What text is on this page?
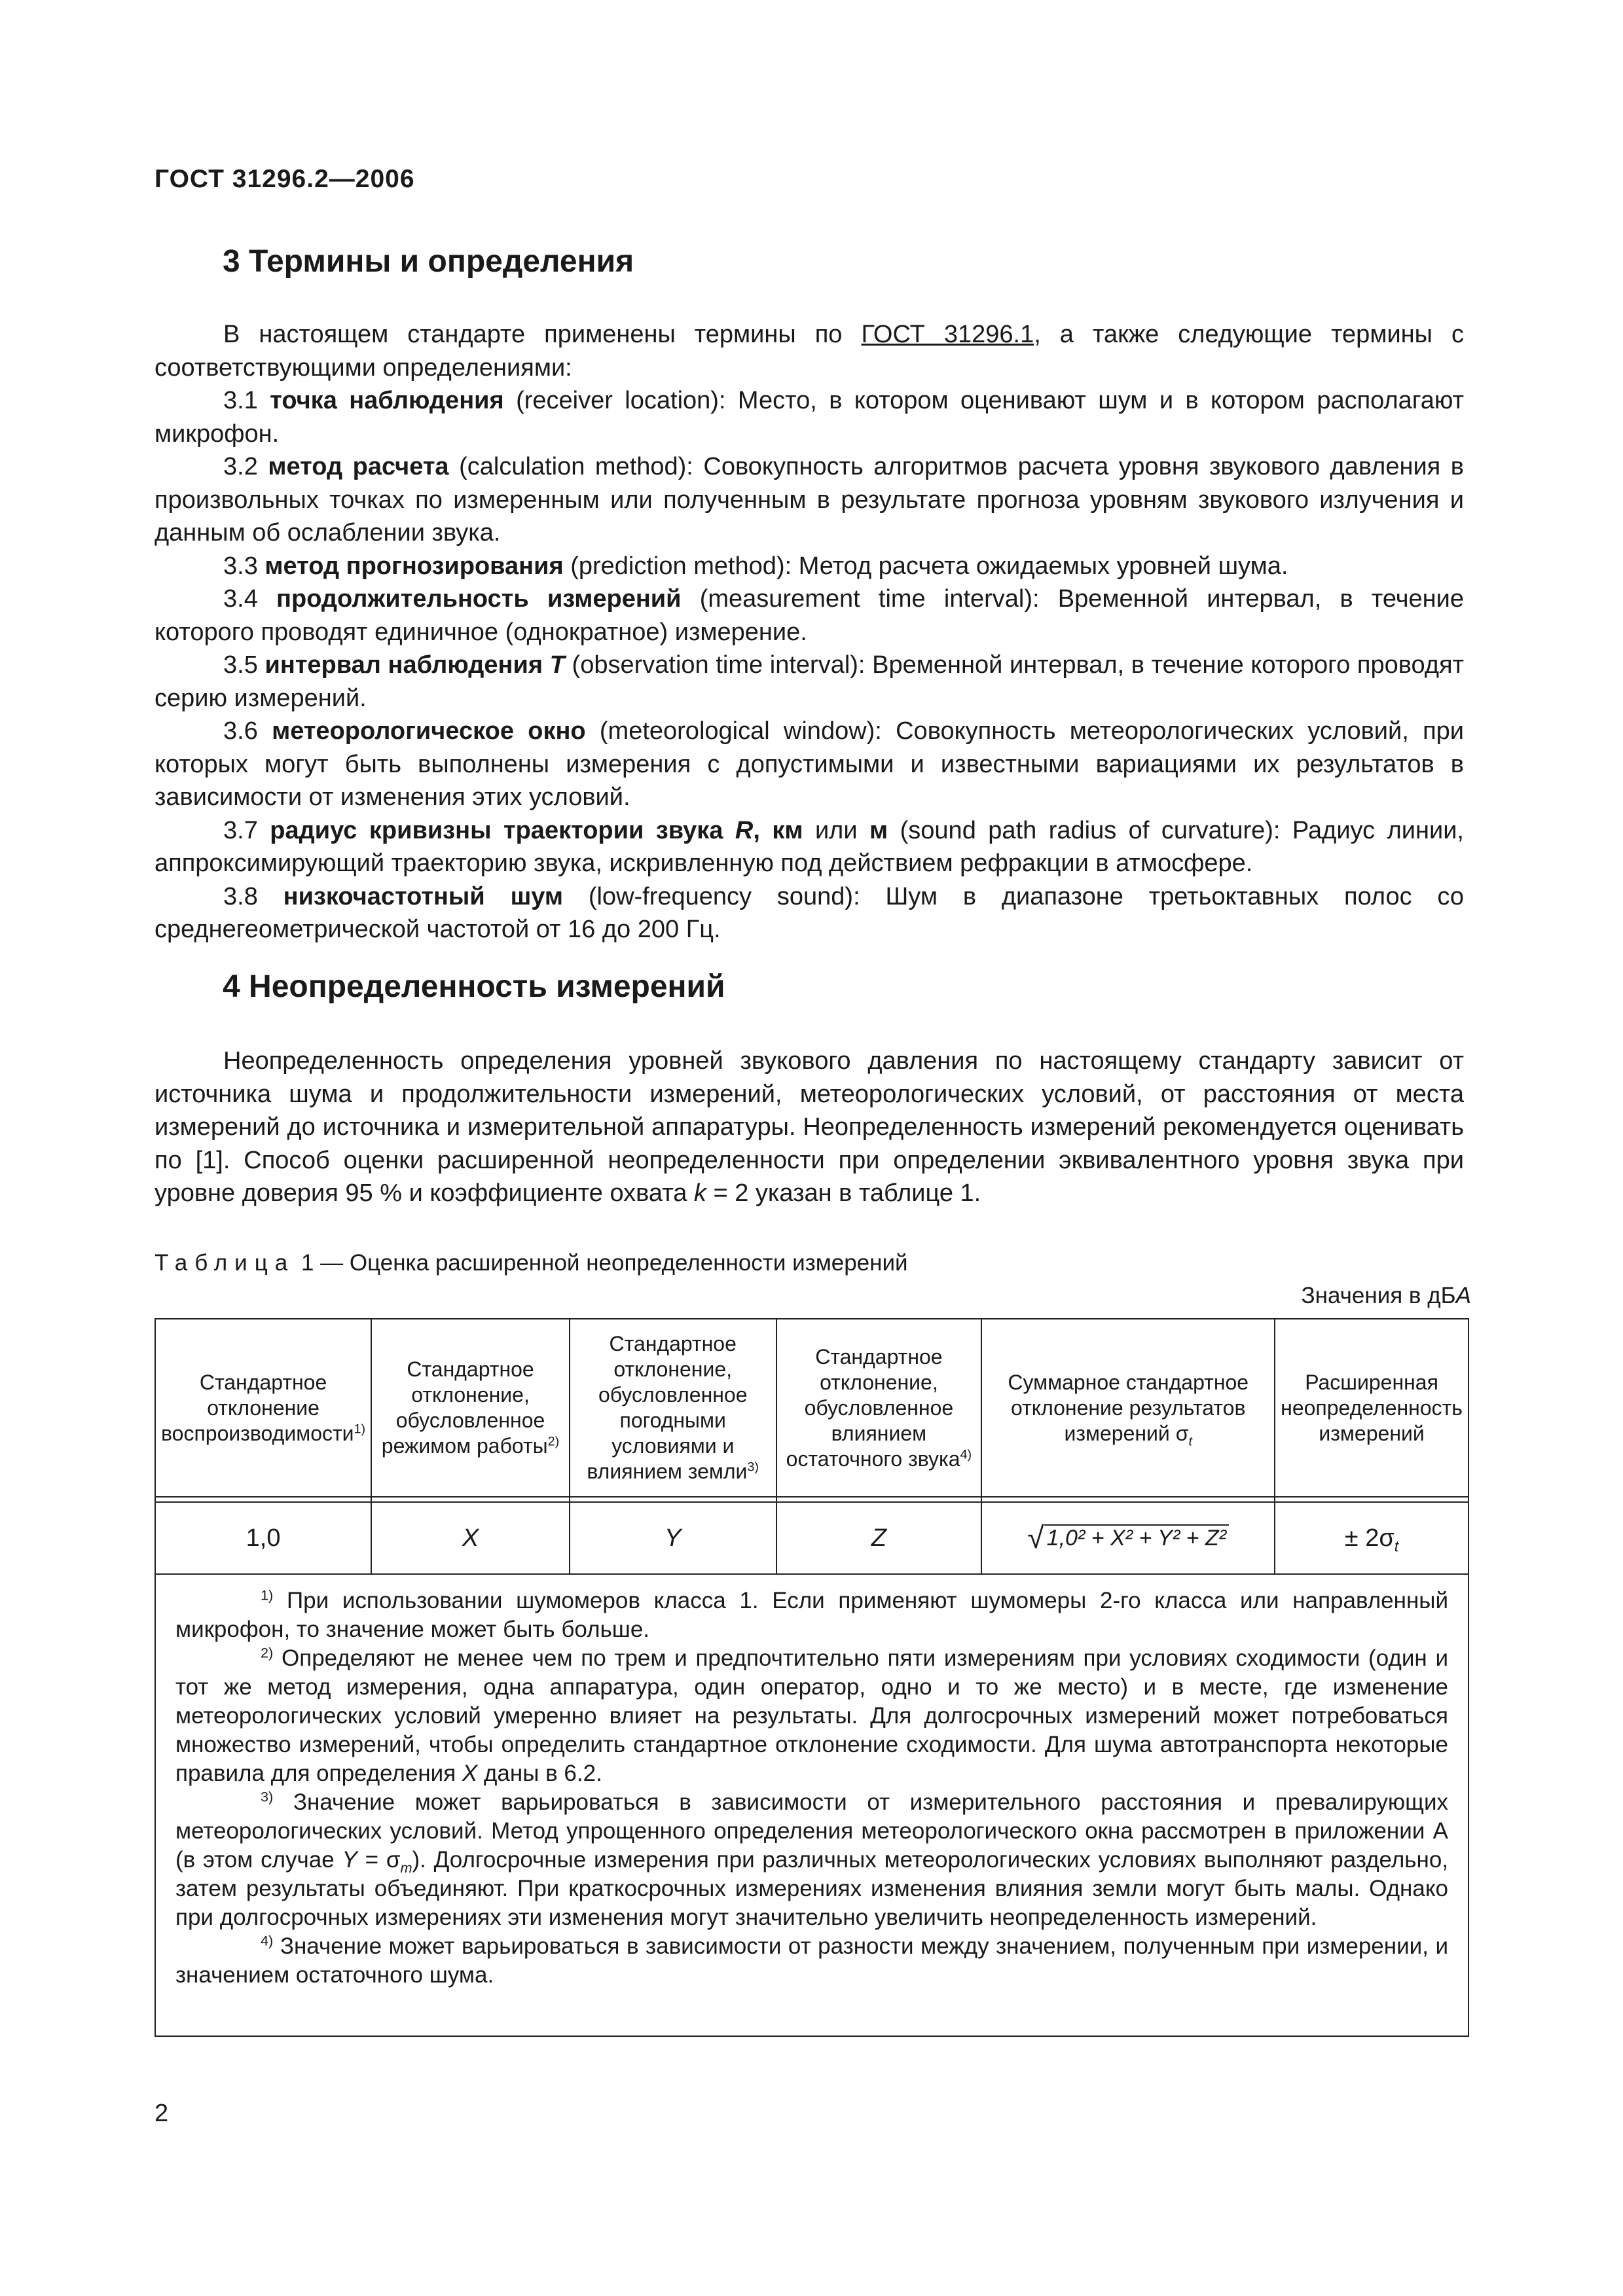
ГОСТ 31296.2—2006
3 Термины и определения

В настоящем стандарте применены термины по ГОСТ 31296.1, а также следующие термины с соответствующими определениями:

3.1 точка наблюдения (receiver location): Место, в котором оценивают шум и в котором располагают микрофон.

3.2 метод расчета (calculation method): Совокупность алгоритмов расчета уровня звукового давления в произвольных точках по измеренным или полученным в результате прогноза уровням звукового излучения и данным об ослаблении звука.

3.3 метод прогнозирования (prediction method): Метод расчета ожидаемых уровней шума.

3.4 продолжительность измерений (measurement time interval): Временной интервал, в течение которого проводят единичное (однократное) измерение.

3.5 интервал наблюдения T (observation time interval): Временной интервал, в течение которого проводят серию измерений.

3.6 метеорологическое окно (meteorological window): Совокупность метеорологических условий, при которых могут быть выполнены измерения с допустимыми и известными вариациями их результатов в зависимости от изменения этих условий.

3.7 радиус кривизны траектории звука R, км или м (sound path radius of curvature): Радиус линии, аппроксимирующий траекторию звука, искривленную под действием рефракции в атмосфере.

3.8 низкочастотный шум (low-frequency sound): Шум в диапазоне третьоктавных полос со среднегеометрической частотой от 16 до 200 Гц.

4 Неопределенность измерений

Неопределенность определения уровней звукового давления по настоящему стандарту зависит от источника шума и продолжительности измерений, метеорологических условий, от расстояния от места измерений до источника и измерительной аппаратуры. Неопределенность измерений рекомендуется оценивать по [1]. Способ оценки расширенной неопределенности при определении эквивалентного уровня звука при уровне доверия 95 % и коэффициенте охвата k = 2 указан в таблице 1.

Таблица 1 — Оценка расширенной неопределенности измерений
Значения в дБA
Стандартное отклонение воспроизводимости$^{1)}$	Стандартное отклонение, обусловленное режимом работы$^{2)}$	Стандартное отклонение, обусловленное погодными условиями и влиянием земли$^{3)}$	Стандартное отклонение, обусловленное влиянием остаточного звука$^{4)}$	Суммарное стандартное отклонение результатов измерений $\sigma_t$	Расширенная неопределенность измерений

1,0	X	Y	Z	√ 1,0² + X² + Y² + Z²	± $2\sigma_t$

$^{1)}$ При использовании шумомеров класса 1. Если применяют шумомеры 2-го класса или направленный микрофон, то значение может быть больше.

$^{2)}$ Определяют не менее чем по трем и предпочтительно пяти измерениям при условиях сходимости (один и тот же метод измерения, одна аппаратура, один оператор, одно и то же место) и в месте, где изменение метеорологических условий умеренно влияет на результаты. Для долгосрочных измерений может потребоваться множество измерений, чтобы определить стандартное отклонение сходимости. Для шума автотранспорта некоторые правила для определения X даны в 6.2.

$^{3)}$ Значение может варьироваться в зависимости от измерительного расстояния и превалирующих метеорологических условий. Метод упрощенного определения метеорологического окна рассмотрен в приложении А (в этом случае $Y = \sigma_m$). Долгосрочные измерения при различных метеорологических условиях выполняют раздельно, затем результаты объединяют. При краткосрочных измерениях изменения влияния земли могут быть малы. Однако при долгосрочных измерениях эти изменения могут значительно увеличить неопределенность измерений.

$^{4)}$ Значение может варьироваться в зависимости от разности между значением, полученным при измерении, и значением остаточного шума.					

2
